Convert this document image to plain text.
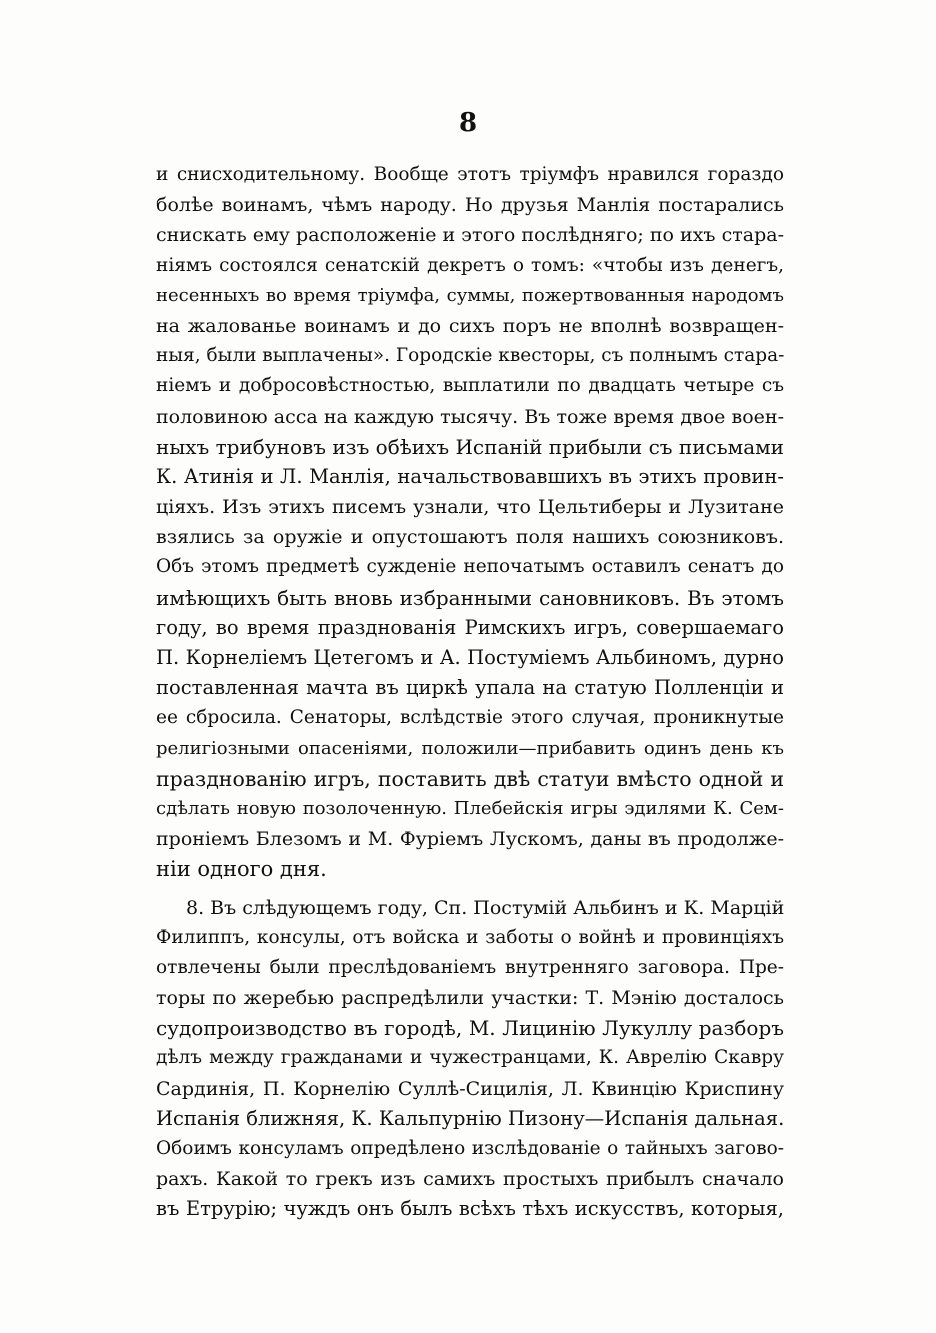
8
и снисходительному. Вообще этотъ тріумфъ нравился гораздо
болѣе воинамъ, чѣмъ народу. Но друзья Манлія постарались
снискать ему расположеніе и этого послѣдняго; по ихъ стара-
ніямъ состоялся сенатскій декретъ о томъ: «чтобы изъ денегъ,
несенныхъ во время тріумфа, суммы, пожертвованныя народомъ
на жалованье воинамъ и до сихъ поръ не вполнѣ возвращен-
ныя, были выплачены». Городскіе квесторы, съ полнымъ стара-
ніемъ и добросовѣстностью, выплатили по двадцать четыре съ
половиною асса на каждую тысячу. Въ тоже время двое воен-
ныхъ трибуновъ изъ обѣихъ Испаній прибыли съ письмами
К. Атинія и Л. Манлія, начальствовавшихъ въ этихъ провин-
ціяхъ. Изъ этихъ писемъ узнали, что Цельтиберы и Лузитане
взялись за оружіе и опустошаютъ поля нашихъ союзниковъ.
Объ этомъ предметѣ сужденіе непочатымъ оставилъ сенатъ до
имѣющихъ быть вновь избранными сановниковъ. Въ этомъ
году, во время празднованія Римскихъ игръ, совершаемаго
П. Корнеліемъ Цетегомъ и А. Постуміемъ Альбиномъ, дурно
поставленная мачта въ циркѣ упала на статую Полленціи и
ее сбросила. Сенаторы, вслѣдствіе этого случая, проникнутые
религіозными опасеніями, положили—прибавить одинъ день къ
празднованію игръ, поставить двѣ статуи вмѣсто одной и
сдѣлать новую позолоченную. Плебейскія игры эдилями К. Сем-
проніемъ Блезомъ и М. Фуріемъ Лускомъ, даны въ продолже-
ніи одного дня.
8. Въ слѣдующемъ году, Сп. Постумій Альбинъ и К. Марцій
Филиппъ, консулы, отъ войска и заботы о войнѣ и провинціяхъ
отвлечены были преслѣдованіемъ внутренняго заговора. Пре-
торы по жеребью распредѣлили участки: Т. Мэнію досталось
судопроизводство въ городѣ, М. Лицинію Лукуллу разборъ
дѣлъ между гражданами и чужестранцами, К. Аврелію Скавру
Сардинія, П. Корнелію Суллѣ-Сицилія, Л. Квинцію Криспину
Испанія ближняя, К. Кальпурнію Пизону—Испанія дальная.
Обоимъ консуламъ опредѣлено изслѣдованіе о тайныхъ загово-
рахъ. Какой то грекъ изъ самихъ простыхъ прибылъ сначало
въ Етрурію; чуждъ онъ былъ всѣхъ тѣхъ искусствъ, которыя,
